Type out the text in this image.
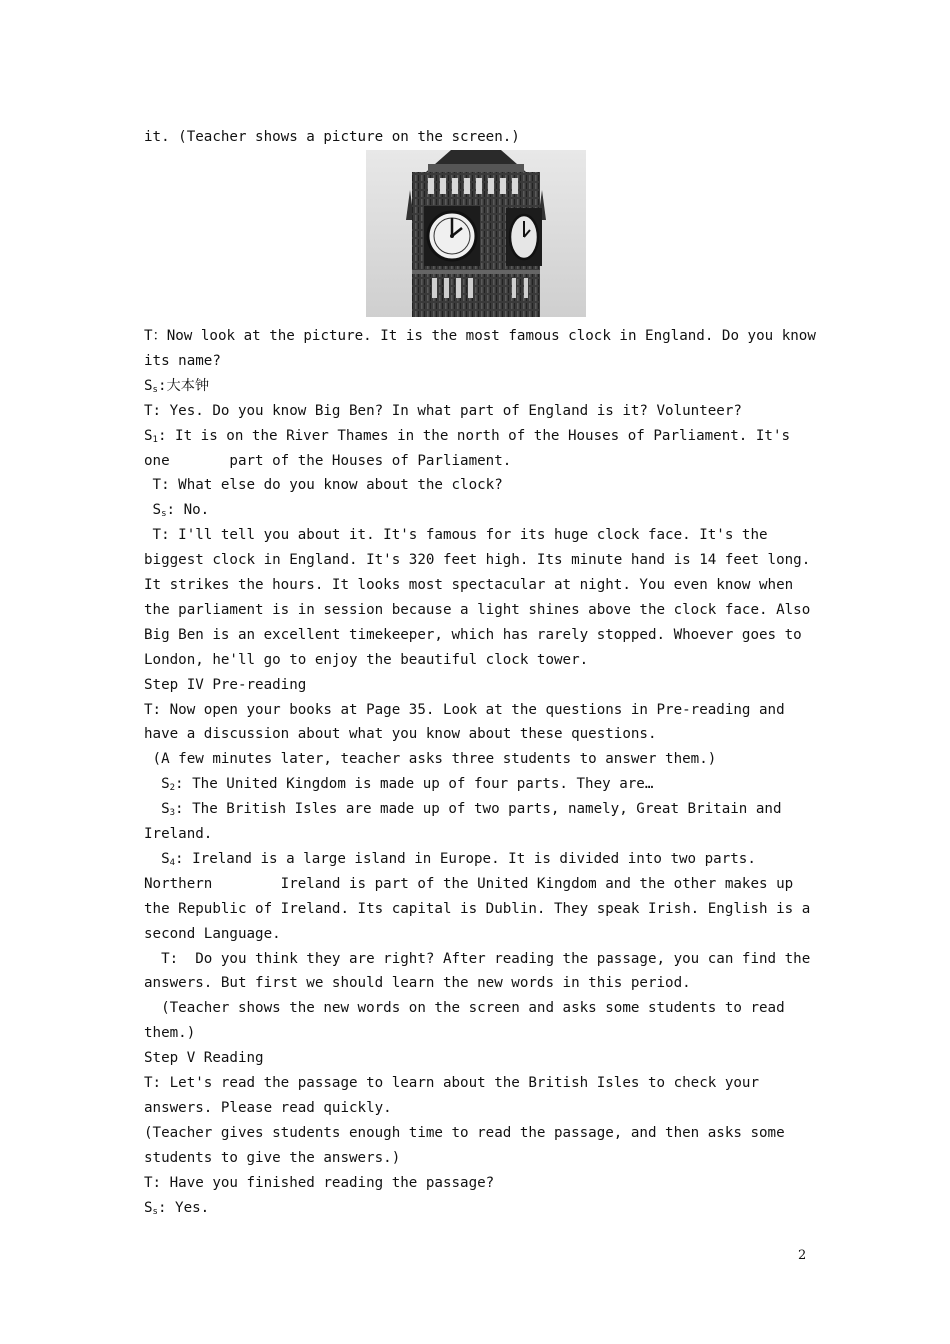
it. (Teacher shows a picture on the screen.)
T：Now look at the picture. It is the most famous clock in England. Do you know
its name?
$S_s$:大本钟
T: Yes. Do you know Big Ben? In what part of England is it? Volunteer?
$S_1$: It is on the River Thames in the north of the Houses of Parliament. It's
one       part of the Houses of Parliament.
T: What else do you know about the clock?
$S_s$: No.
T: I'll tell you about it. It's famous for its huge clock face. It's the
biggest clock in England. It's 320 feet high. Its minute hand is 14 feet long.
It strikes the hours. It looks most spectacular at night. You even know when
the parliament is in session because a light shines above the clock face. Also
Big Ben is an excellent timekeeper, which has rarely stopped. Whoever goes to
London, he'll go to enjoy the beautiful clock tower.
Step IV Pre-reading
T: Now open your books at Page 35. Look at the questions in Pre-reading and
have a discussion about what you know about these questions.
(A few minutes later, teacher asks three students to answer them.)
$S_2$: The United Kingdom is made up of four parts. They are…
$S_3$: The British Isles are made up of two parts, namely, Great Britain and
Ireland.
$S_4$: Ireland is a large island in Europe. It is divided into two parts.
Northern        Ireland is part of the United Kingdom and the other makes up
the Republic of Ireland. Its capital is Dublin. They speak Irish. English is a
second Language.
T:  Do you think they are right? After reading the passage, you can find the
answers. But first we should learn the new words in this period.
(Teacher shows the new words on the screen and asks some students to read
them.)
Step V Reading
T: Let's read the passage to learn about the British Isles to check your
answers. Please read quickly.
(Teacher gives students enough time to read the passage, and then asks some
students to give the answers.)
T: Have you finished reading the passage?
$S_s$: Yes.
2
